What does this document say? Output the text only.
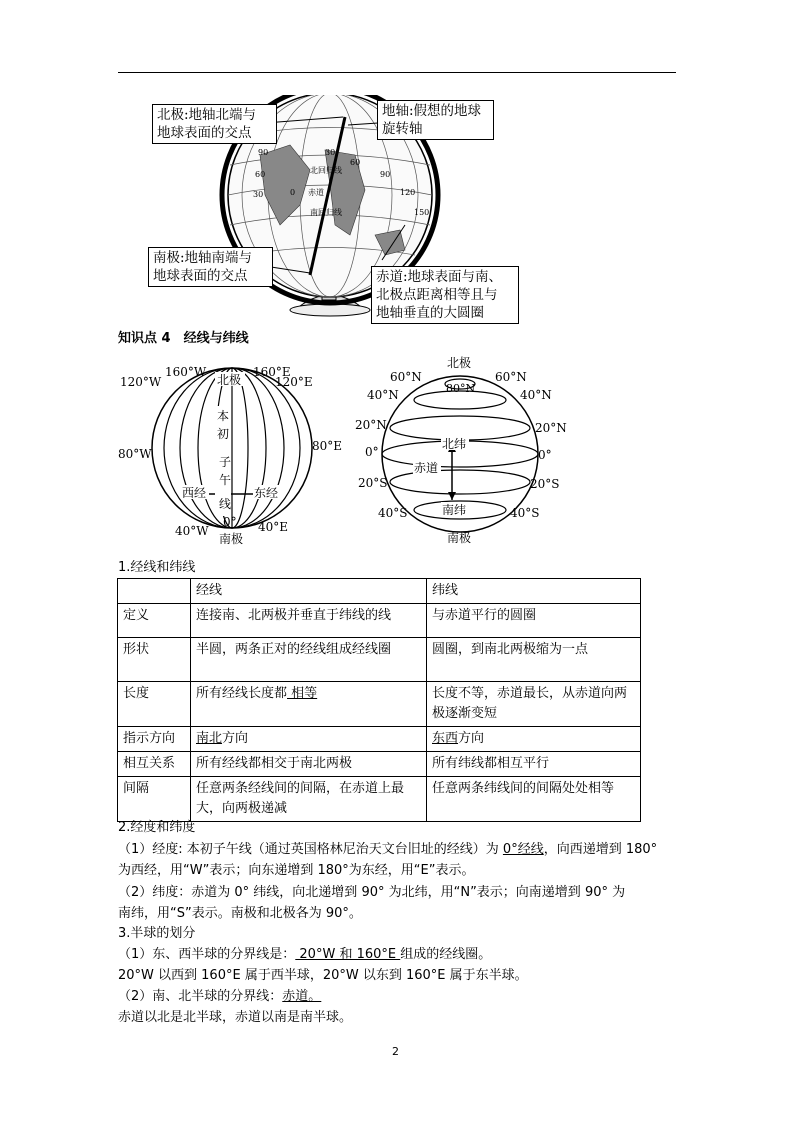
北回归线
赤道
南回归线
90
60
30	0
30
60
90
120
150
北极:地轴北端与
地球表面的交点
地轴:假想的地球
旋转轴
南极:地轴南端与
地球表面的交点	赤道:地球表面与南、
北极点距离相等且与
地轴垂直的大圆圈
知识点 4　经线与纬线
北极
南极
本
初
子
午
线
西经	东经
0°
160°W	160°E
120°W	120°E
80°W
80°E
40°W	40°E
北极
南极
北纬
赤道
南纬
60°N	60°N
80°N
40°N	40°N
20°N	20°N
0°	0°
20°S	20°S
40°S	40°S
1.经线和纬线
	经线	纬线
定义	连接南、北两极并垂直于纬线的线	与赤道平行的圆圈
形状	半圆，两条正对的经线组成经线圈	圆圈，到南北两极缩为一点
长度	所有经线长度都 相等	长度不等，赤道最长，从赤道向两极逐渐变短
指示方向	南北方向	东西方向
相互关系	所有经线都相交于南北两极	所有纬线都相互平行
间隔	任意两条经线间的间隔，在赤道上最大，向两极递减	任意两条纬线间的间隔处处相等
2.经度和纬度
（1）经度: 本初子午线（通过英国格林尼治天文台旧址的经线）为 0°经线，向西递增到 180°
为西经，用“W”表示；向东递增到 180°为东经，用“E”表示。
（2）纬度：赤道为 0° 纬线，向北递增到 90° 为北纬，用“N”表示；向南递增到 90° 为
南纬，用“S”表示。南极和北极各为 90°。
3.半球的划分
（1）东、西半球的分界线是： 20°W 和 160°E 组成的经线圈。
20°W 以西到 160°E 属于西半球，20°W 以东到 160°E 属于东半球。
（2）南、北半球的分界线：赤道。
赤道以北是北半球，赤道以南是南半球。
2
